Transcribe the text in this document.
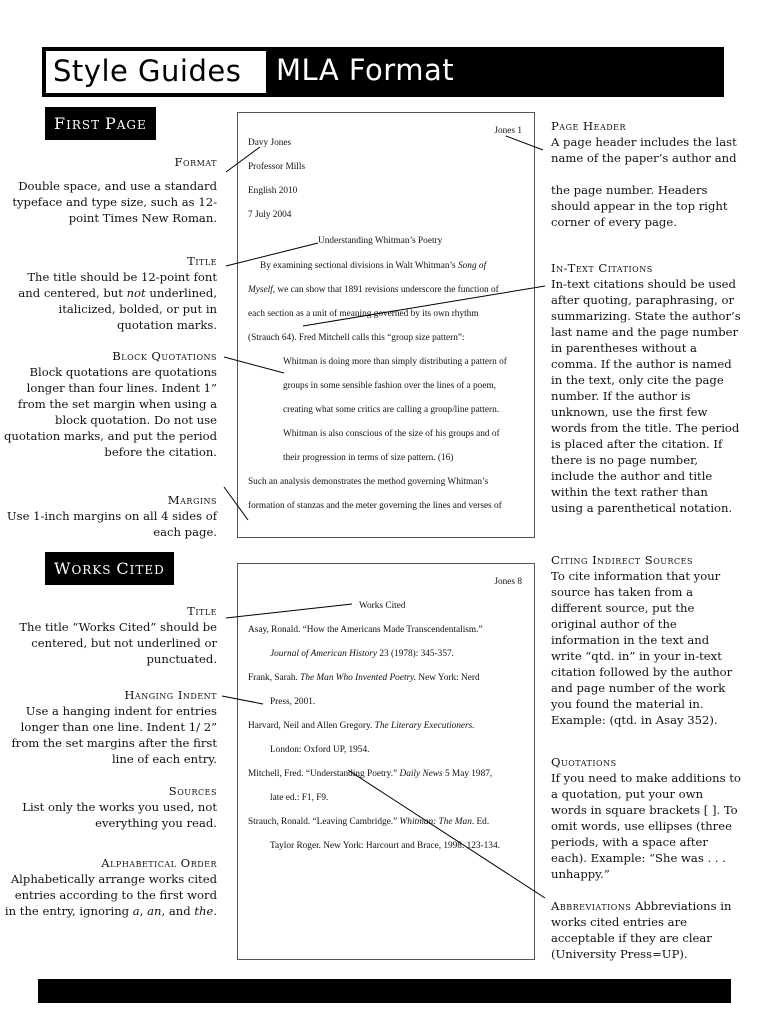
Style Guides	MLA Format
FIRST PAGE
WORKS CITED
Format
Double space, and use a standard typeface and type size, such as 12-point Times New Roman.
Title
The title should be 12-point font and centered, but not underlined, italicized, bolded, or put in quotation marks.
Block Quotations
Block quotations are quotations longer than four lines. Indent 1” from the set margin when using a block quotation. Do not use quotation marks, and put the period before the citation.
Margins
Use 1-inch margins on all 4 sides of each page.
Title
The title “Works Cited” should be centered, but not underlined or punctuated.
Hanging Indent
Use a hanging indent for entries longer than one line. Indent 1/ 2” from the set margins after the first line of each entry.
Sources
List only the works you used, not everything you read.
Alphabetical Order
Alphabetically arrange works cited entries according to the first word in the entry, ignoring a, an, and the.
Page Header
A page header includes the last name of the paper’s author and
the page number. Headers should appear in the top right corner of every page.
In-Text Citations
In-text citations should be used after quoting, paraphrasing, or summarizing. State the author’s last name and the page number in parentheses without a comma. If the author is named in the text, only cite the page number. If the author is unknown, use the first few words from the title. The period is placed after the citation. If there is no page number, include the author and title within the text rather than using a parenthetical notation.
Citing Indirect Sources
To cite information that your source has taken from a different source, put the original author of the information in the text and write “qtd. in” in your in-text citation followed by the author and page number of the work you found the material in. Example: (qtd. in Asay 352).
Quotations
If you need to make additions to a quotation, put your own words in square brackets [ ]. To omit words, use ellipses (three periods, with a space after each). Example: “She was . . . unhappy.”
Abbreviations Abbreviations in works cited entries are acceptable if they are clear (University Press=UP).
Jones 1
Davy Jones
Professor Mills
English 2010
7 July 2004
Understanding Whitman’s Poetry
By examining sectional divisions in Walt Whitman’s Song of
Myself, we can show that 1891 revisions underscore the function of
each section as a unit of meaning governed by its own rhythm
(Strauch 64). Fred Mitchell calls this “group size pattern”:
Whitman is doing more than simply distributing a pattern of
groups in some sensible fashion over the lines of a poem,
creating what some critics are calling a group/line pattern.
Whitman is also conscious of the size of his groups and of
their progression in terms of size pattern. (16)
Such an analysis demonstrates the method governing Whitman’s
formation of stanzas and the meter governing the lines and verses of
Jones 8
Works Cited
Asay, Ronald. “How the Americans Made Transcendentalism.”
Journal of American History 23 (1978): 345-357.
Frank, Sarah. The Man Who Invented Poetry. New York: Nerd
Press, 2001.
Harvard, Neil and Allen Gregory. The Literary Executioners.
London: Oxford UP, 1954.
Mitchell, Fred. “Understanding Poetry.” Daily News 5 May 1987,
late ed.: F1, F9.
Strauch, Ronald. “Leaving Cambridge.” Whitman: The Man. Ed.
Taylor Roger. New York: Harcourt and Brace, 1998. 123-134.
